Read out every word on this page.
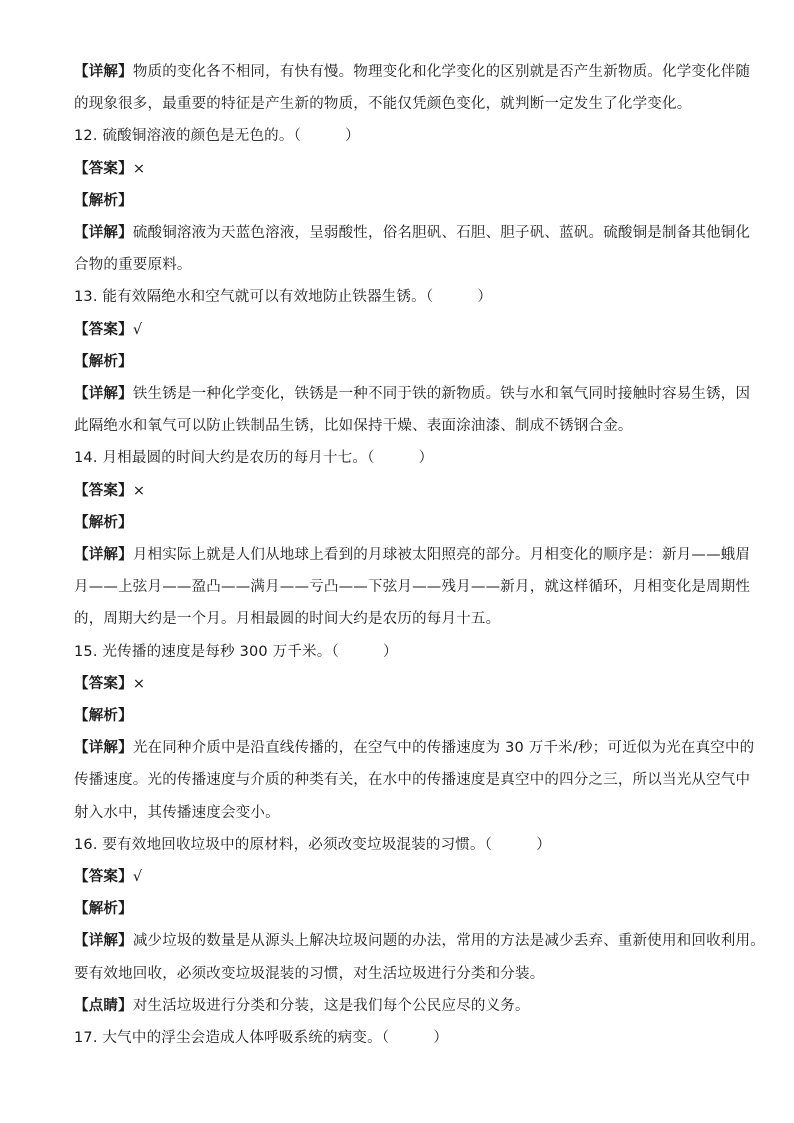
【详解】物质的变化各不相同，有快有慢。物理变化和化学变化的区别就是否产生新物质。化学变化伴随
的现象很多，最重要的特征是产生新的物质，不能仅凭颜色变化，就判断一定发生了化学变化。
12. 硫酸铜溶液的颜色是无色的。（　　　）
【答案】×
【解析】
【详解】硫酸铜溶液为天蓝色溶液，呈弱酸性，俗名胆矾、石胆、胆子矾、蓝矾。硫酸铜是制备其他铜化
合物的重要原料。
13. 能有效隔绝水和空气就可以有效地防止铁器生锈。（　　　）
【答案】√
【解析】
【详解】铁生锈是一种化学变化，铁锈是一种不同于铁的新物质。铁与水和氧气同时接触时容易生锈，因
此隔绝水和氧气可以防止铁制品生锈，比如保持干燥、表面涂油漆、制成不锈钢合金。
14. 月相最圆的时间大约是农历的每月十七。（　　　）
【答案】×
【解析】
【详解】月相实际上就是人们从地球上看到的月球被太阳照亮的部分。月相变化的顺序是：新月——蛾眉
月——上弦月——盈凸——满月——亏凸——下弦月——残月——新月，就这样循环，月相变化是周期性
的，周期大约是一个月。月相最圆的时间大约是农历的每月十五。
15. 光传播的速度是每秒 300 万千米。（　　　）
【答案】×
【解析】
【详解】光在同种介质中是沿直线传播的，在空气中的传播速度为 30 万千米/秒；可近似为光在真空中的
传播速度。光的传播速度与介质的种类有关，在水中的传播速度是真空中的四分之三，所以当光从空气中
射入水中，其传播速度会变小。
16. 要有效地回收垃圾中的原材料，必须改变垃圾混装的习惯。（　　　）
【答案】√
【解析】
【详解】减少垃圾的数量是从源头上解决垃圾问题的办法，常用的方法是减少丢弃、重新使用和回收利用。
要有效地回收，必须改变垃圾混装的习惯，对生活垃圾进行分类和分装。
【点睛】对生活垃圾进行分类和分装，这是我们每个公民应尽的义务。
17. 大气中的浮尘会造成人体呼吸系统的病变。（　　　）
